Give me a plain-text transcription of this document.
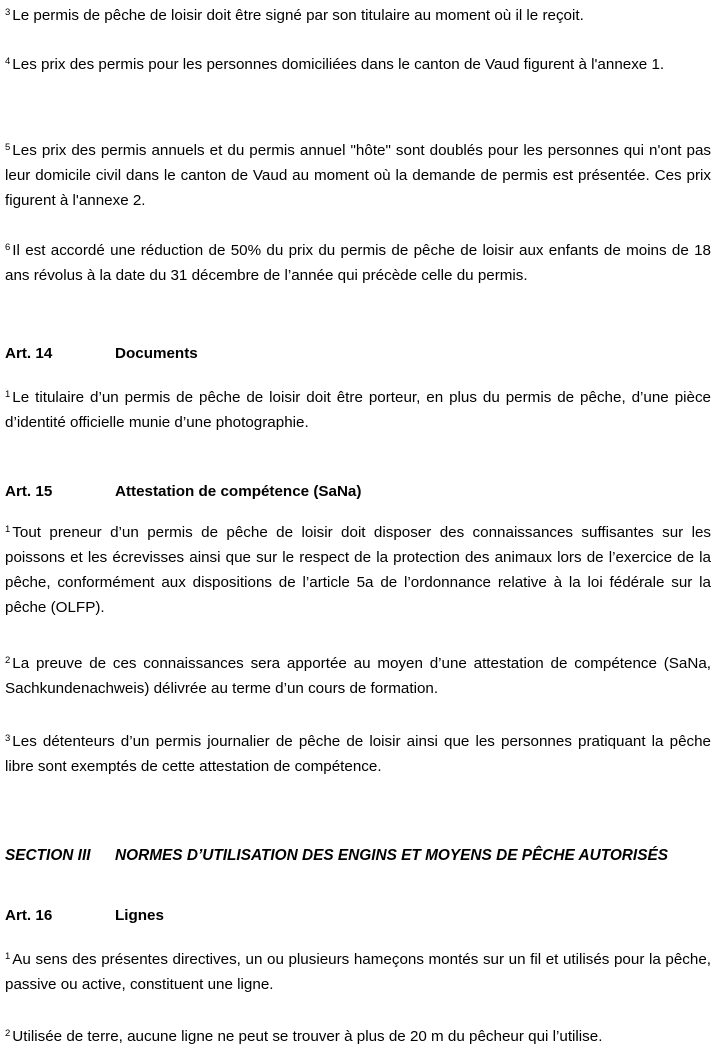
$^3$ Le permis de pêche de loisir doit être signé par son titulaire au moment où il le reçoit.

$^4$ Les prix des permis pour les personnes domiciliées dans le canton de Vaud figurent à l'annexe 1.

$^5$ Les prix des permis annuels et du permis annuel "hôte" sont doublés pour les personnes qui n'ont pas leur domicile civil dans le canton de Vaud au moment où la demande de permis est présentée. Ces prix figurent à l'annexe 2.

$^6$ Il est accordé une réduction de 50% du prix du permis de pêche de loisir aux enfants de moins de 18 ans révolus à la date du 31 décembre de l’année qui précède celle du permis.

Art. 14	Documents

$^1$ Le titulaire d’un permis de pêche de loisir doit être porteur, en plus du permis de pêche, d’une pièce d’identité officielle munie d’une photographie.

Art. 15	Attestation de compétence (SaNa)

$^1$ Tout preneur d’un permis de pêche de loisir doit disposer des connaissances suffisantes sur les poissons et les écrevisses ainsi que sur le respect de la protection des animaux lors de l’exercice de la pêche, conformément aux dispositions de l’article 5a de l’ordonnance relative à la loi fédérale sur la pêche (OLFP).

$^2$ La preuve de ces connaissances sera apportée au moyen d’une attestation de compétence (SaNa, Sachkundenachweis) délivrée au terme d’un cours de formation.

$^3$ Les détenteurs d’un permis journalier de pêche de loisir ainsi que les personnes pratiquant la pêche libre sont exemptés de cette attestation de compétence.

SECTION III	NORMES D’UTILISATION DES ENGINS ET MOYENS DE PÊCHE AUTORISÉS
Art. 16	Lignes

$^1$ Au sens des présentes directives, un ou plusieurs hameçons montés sur un fil et utilisés pour la pêche, passive ou active, constituent une ligne.

$^2$ Utilisée de terre, aucune ligne ne peut se trouver à plus de 20 m du pêcheur qui l’utilise.
